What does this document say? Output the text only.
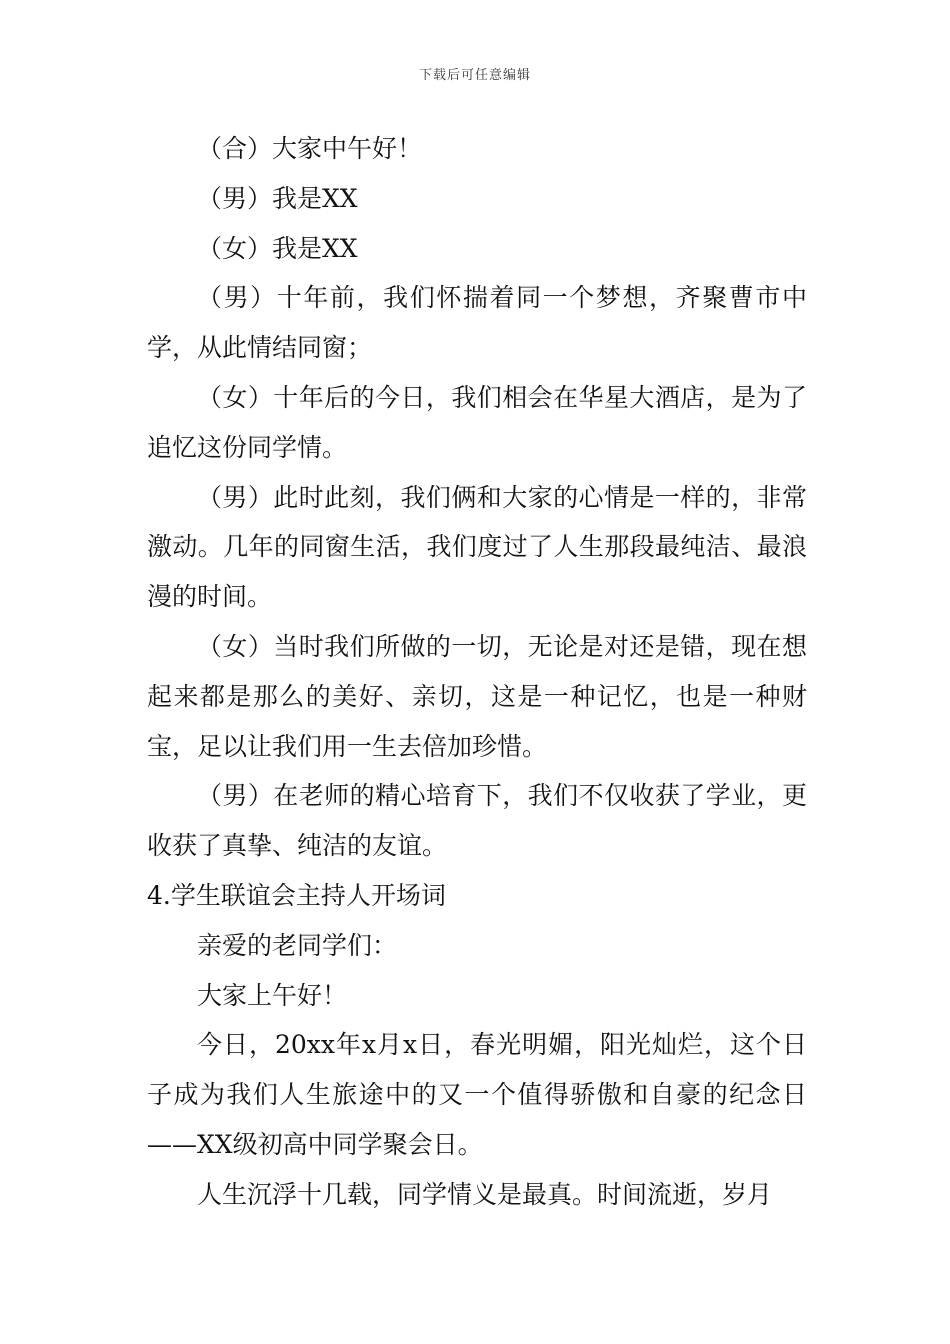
下载后可任意编辑

（合）大家中午好！

（男）我是XX

（女）我是XX

（男）十年前，我们怀揣着同一个梦想，齐聚曹市中学，从此情结同窗；

（女）十年后的今日，我们相会在华星大酒店，是为了追忆这份同学情。

（男）此时此刻，我们俩和大家的心情是一样的，非常激动。几年的同窗生活，我们度过了人生那段最纯洁、最浪漫的时间。

（女）当时我们所做的一切，无论是对还是错，现在想起来都是那么的美好、亲切，这是一种记忆，也是一种财宝，足以让我们用一生去倍加珍惜。

（男）在老师的精心培育下，我们不仅收获了学业，更收获了真挚、纯洁的友谊。

4.学生联谊会主持人开场词

亲爱的老同学们：

大家上午好！

今日，20xx年x月x日，春光明媚，阳光灿烂，这个日子成为我们人生旅途中的又一个值得骄傲和自豪的纪念日——XX级初高中同学聚会日。

人生沉浮十几载，同学情义是最真。时间流逝，岁月
